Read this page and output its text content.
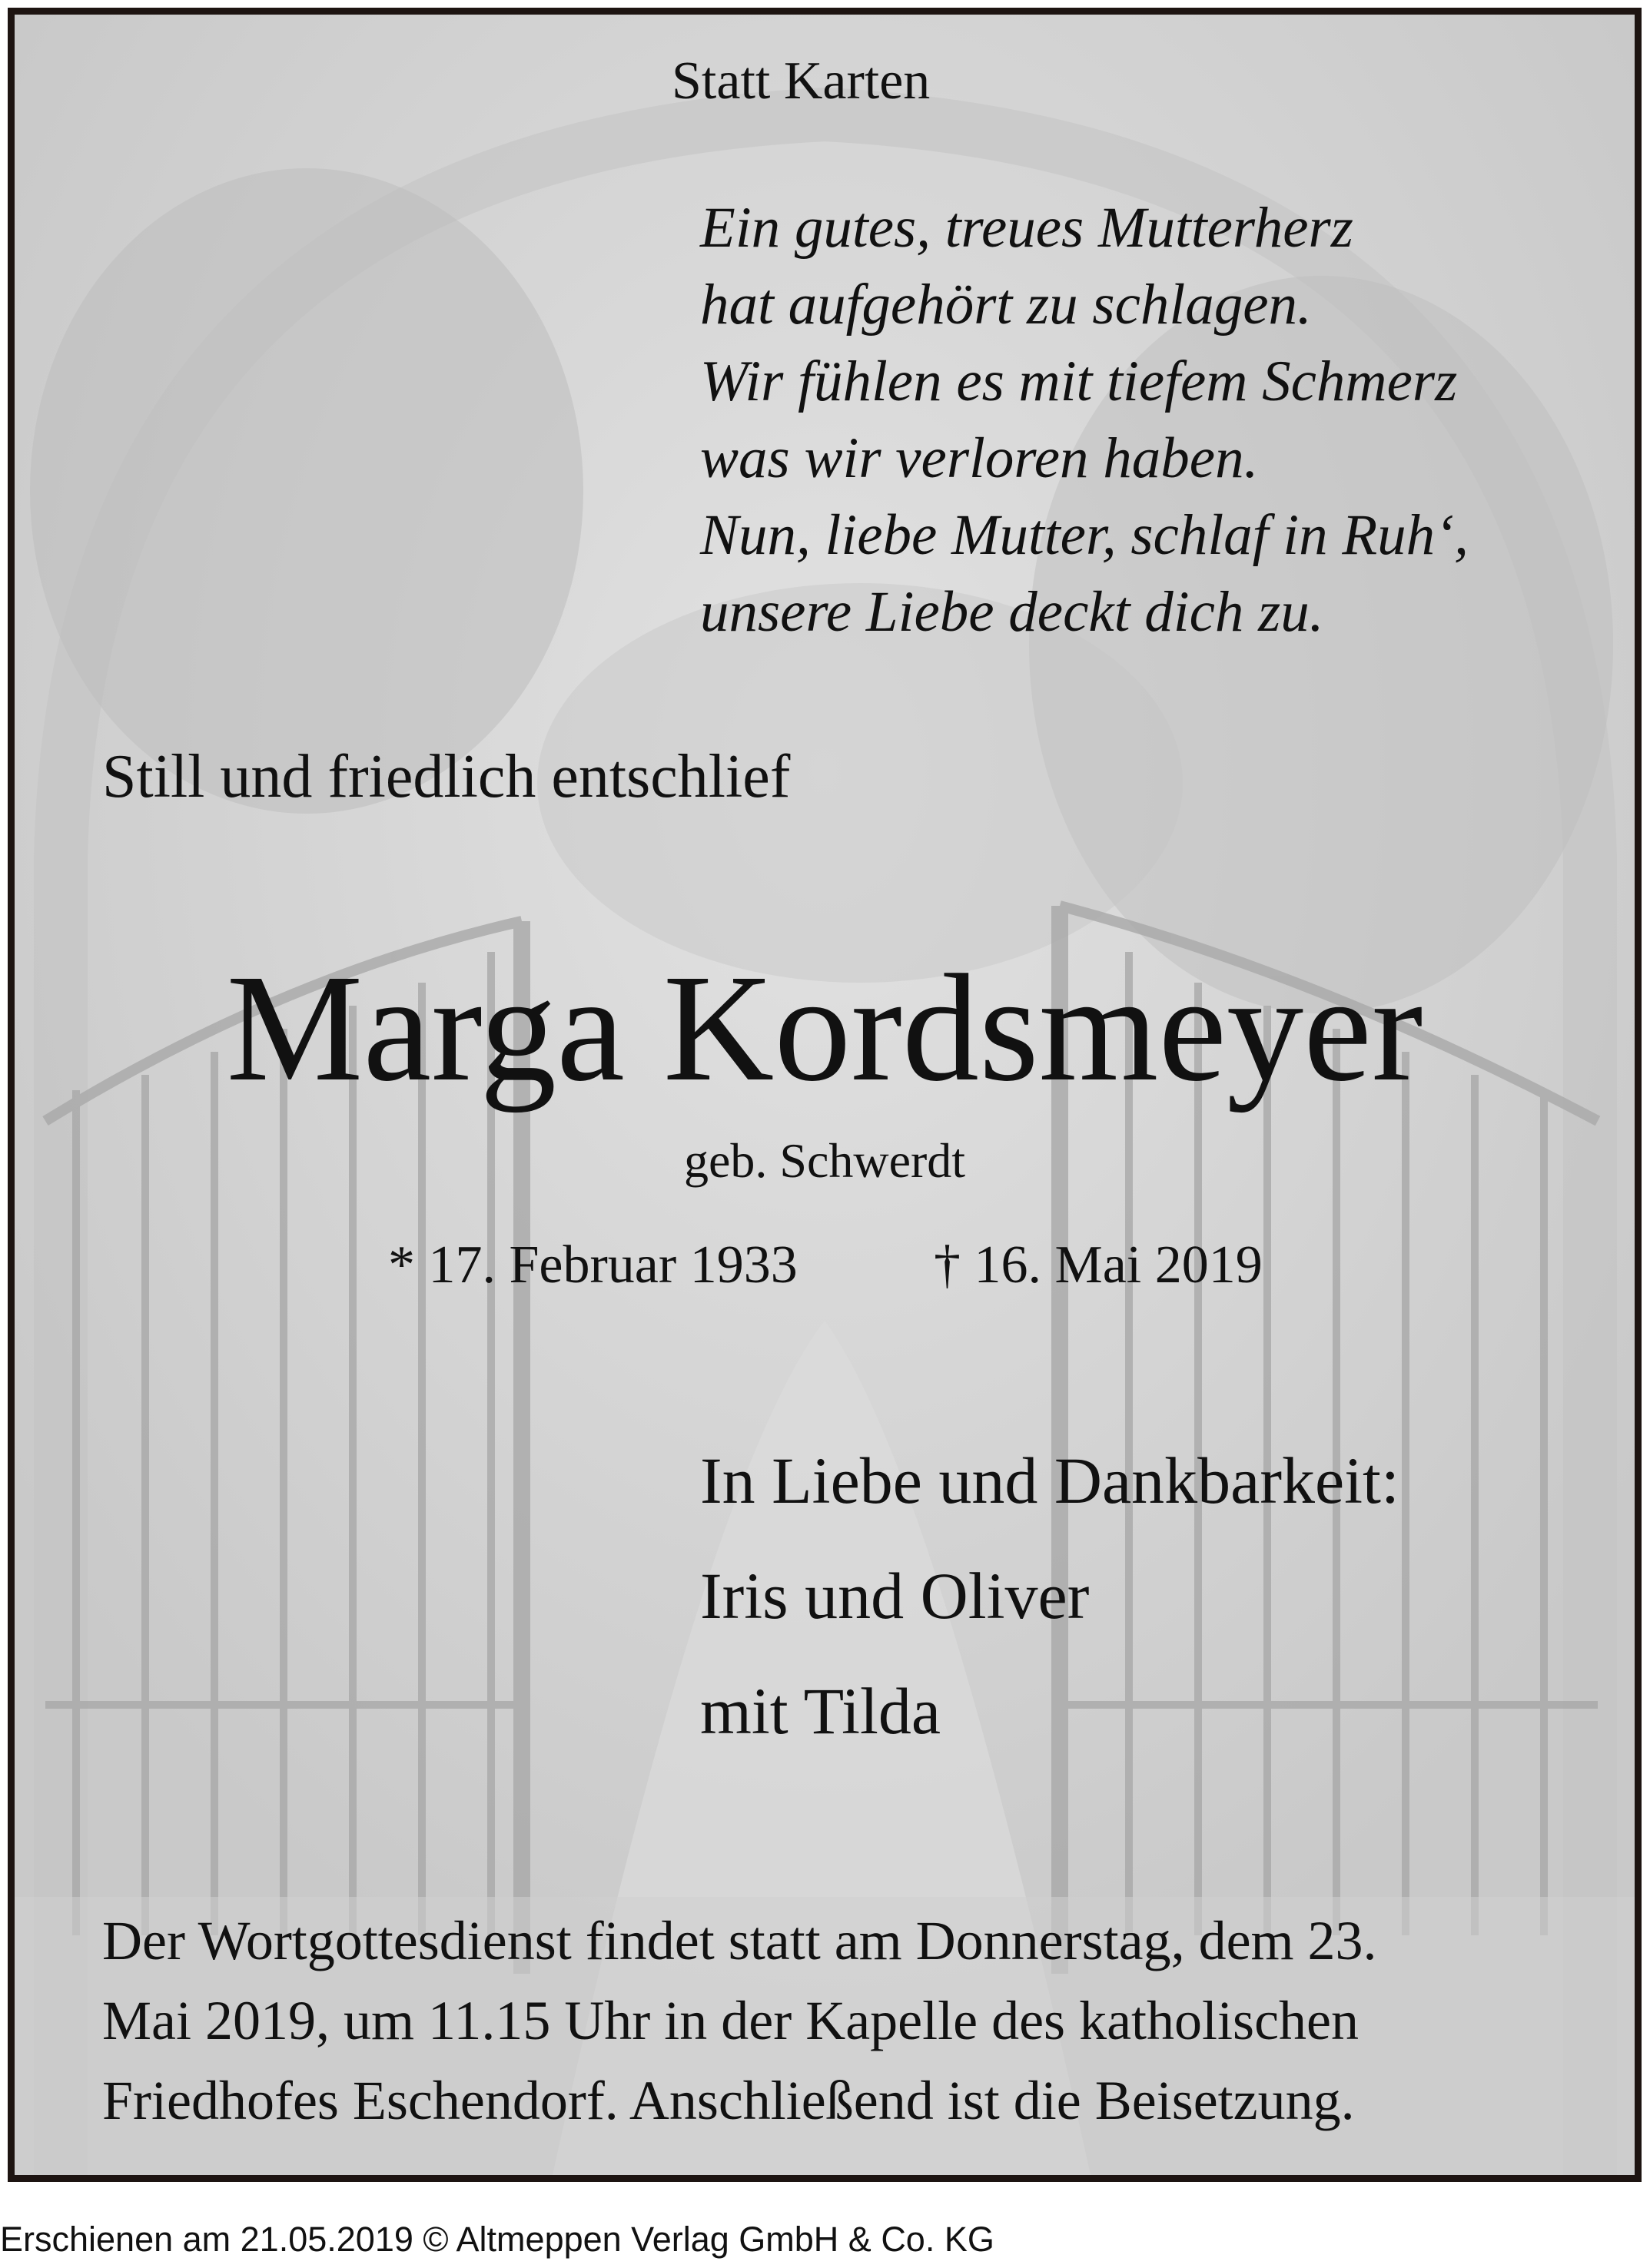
Statt Karten
Ein gutes, treues Mutterherz
hat aufgehört zu schlagen.
Wir fühlen es mit tiefem Schmerz
was wir verloren haben.
Nun, liebe Mutter, schlaf in Ruh‘,
unsere Liebe deckt dich zu.
Still und friedlich entschlief
Marga Kordsmeyer
geb. Schwerdt
* 17. Februar 1933	† 16. Mai 2019
In Liebe und Dankbarkeit:
Iris und Oliver
mit Tilda
Der Wortgottesdienst findet statt am Donnerstag, dem 23.
Mai 2019, um 11.15 Uhr in der Kapelle des katholischen
Friedhofes Eschendorf. Anschließend ist die Beisetzung.
Erschienen am 21.05.2019 © Altmeppen Verlag GmbH & Co. KG
